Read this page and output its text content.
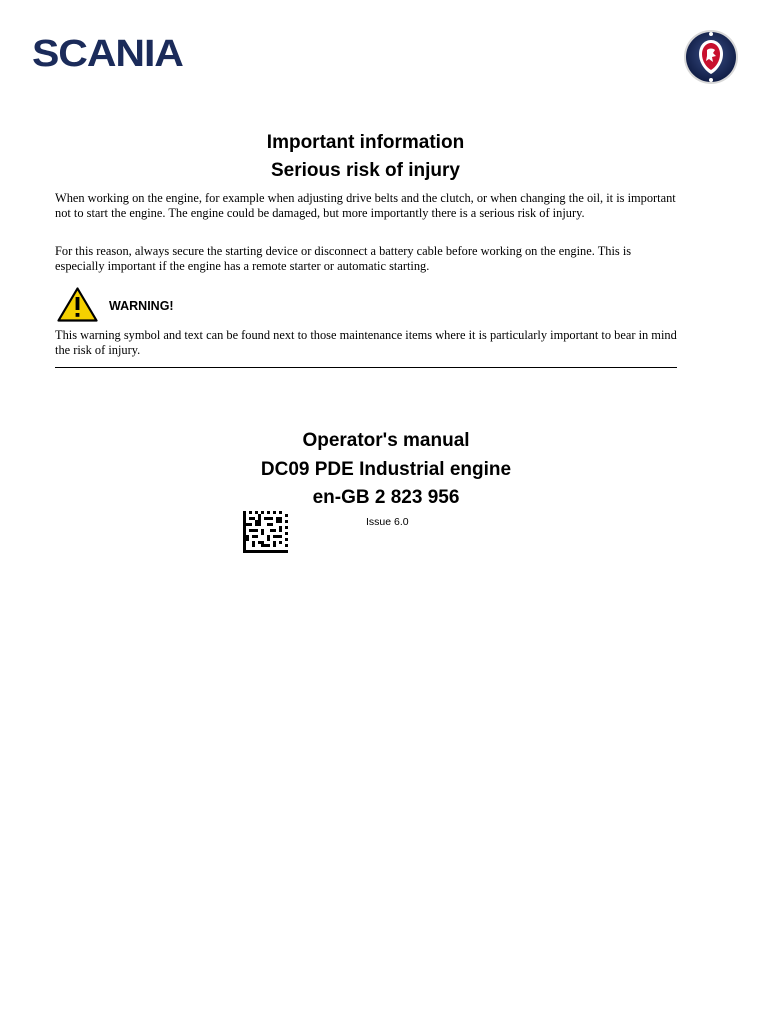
SCANIA
Important information
Serious risk of injury
When working on the engine, for example when adjusting drive belts and the clutch, or when changing the oil, it is important not to start the engine. The engine could be damaged, but more importantly there is a serious risk of injury.
For this reason, always secure the starting device or disconnect a battery cable before working on the engine. This is especially important if the engine has a remote starter or automatic starting.
WARNING!
This warning symbol and text can be found next to those maintenance items where it is particularly important to bear in mind the risk of injury.
Operator's manual
DC09 PDE Industrial engine
en-GB 2 823 956
Issue 6.0
